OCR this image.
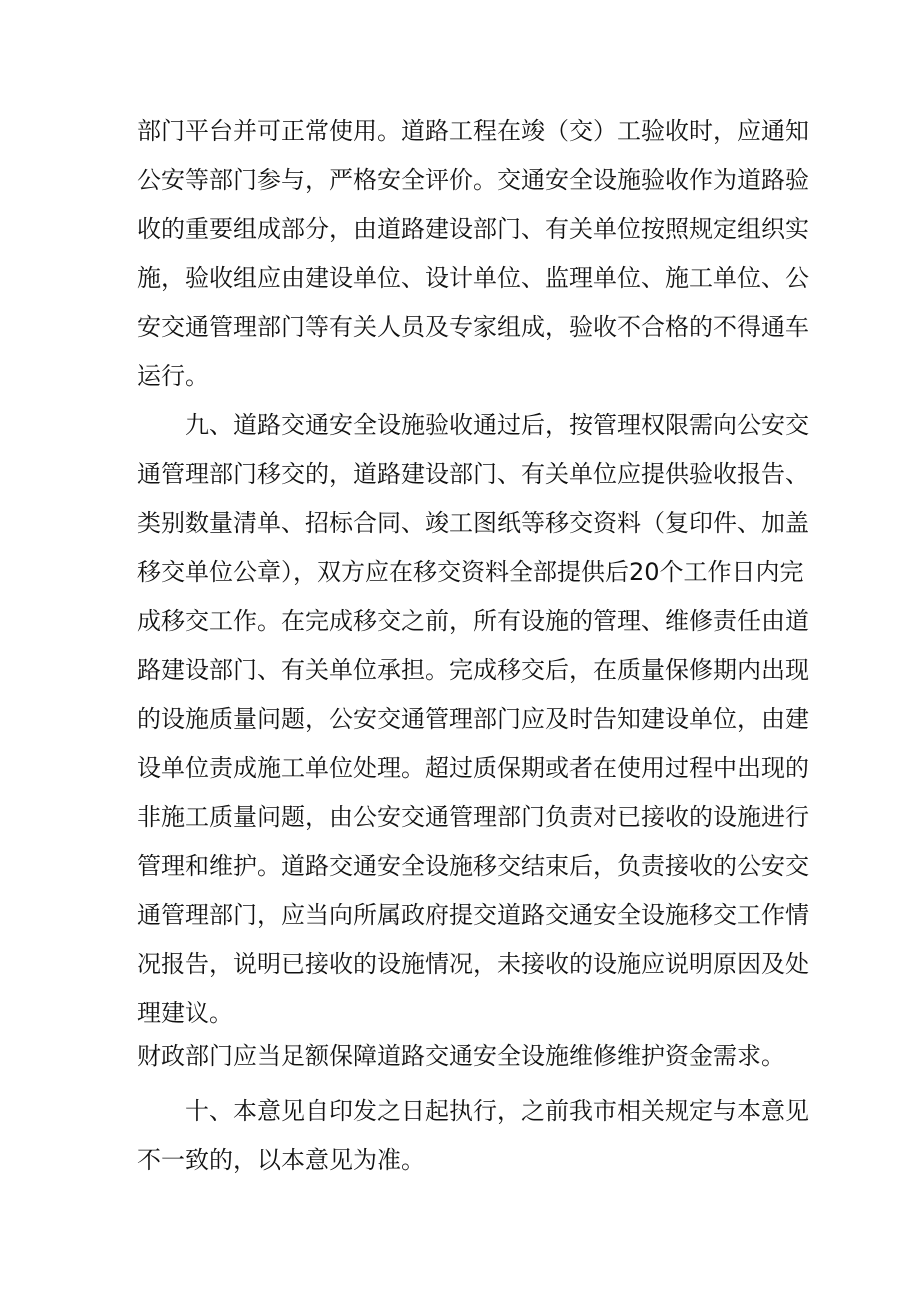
部门平台并可正常使用。道路工程在竣（交）工验收时，应通知
公安等部门参与，严格安全评价。交通安全设施验收作为道路验
收的重要组成部分，由道路建设部门、有关单位按照规定组织实
施，验收组应由建设单位、设计单位、监理单位、施工单位、公
安交通管理部门等有关人员及专家组成，验收不合格的不得通车
运行。
九、道路交通安全设施验收通过后，按管理权限需向公安交
通管理部门移交的，道路建设部门、有关单位应提供验收报告、
类别数量清单、招标合同、竣工图纸等移交资料（复印件、加盖
移交单位公章），双方应在移交资料全部提供后20个工作日内完
成移交工作。在完成移交之前，所有设施的管理、维修责任由道
路建设部门、有关单位承担。完成移交后，在质量保修期内出现
的设施质量问题，公安交通管理部门应及时告知建设单位，由建
设单位责成施工单位处理。超过质保期或者在使用过程中出现的
非施工质量问题，由公安交通管理部门负责对已接收的设施进行
管理和维护。道路交通安全设施移交结束后，负责接收的公安交
通管理部门，应当向所属政府提交道路交通安全设施移交工作情
况报告，说明已接收的设施情况，未接收的设施应说明原因及处
理建议。
财政部门应当足额保障道路交通安全设施维修维护资金需求。
十、本意见自印发之日起执行，之前我市相关规定与本意见
不一致的，以本意见为准。
